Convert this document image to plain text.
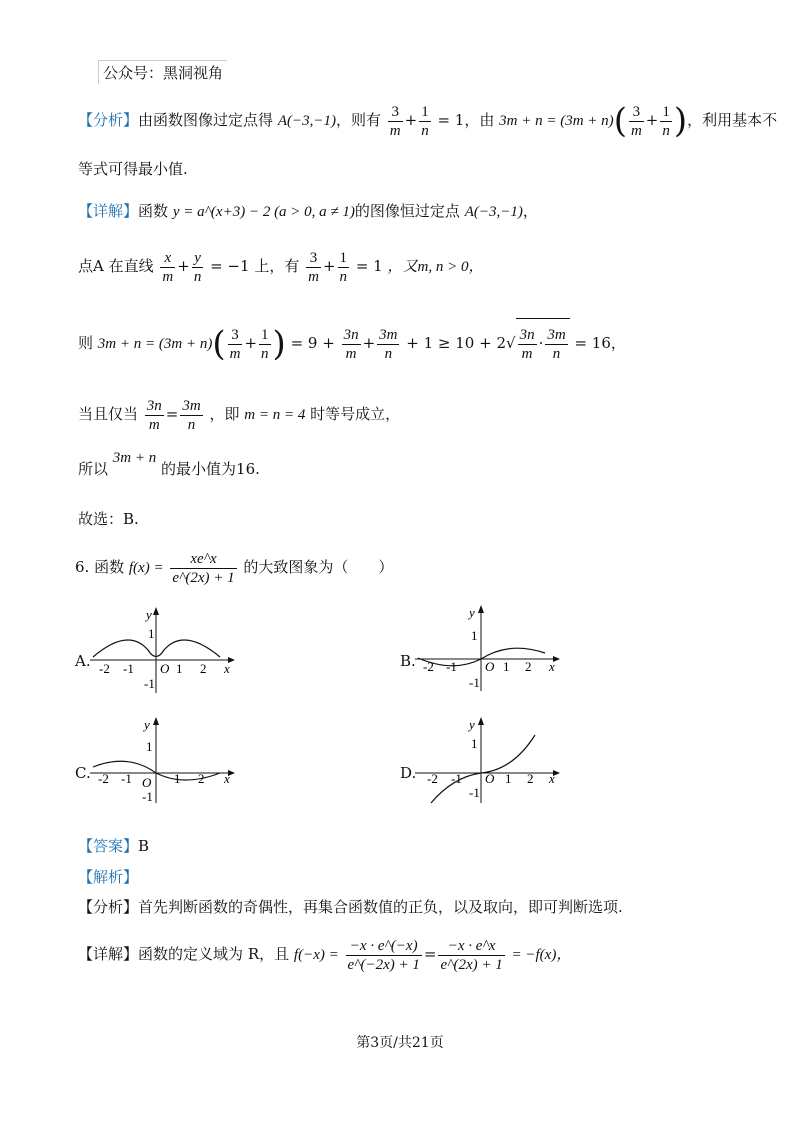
公众号：黑洞视角
【分析】由函数图像过定点得 A(−3,−1)，则有 $\frac{3}{m} + \frac{1}{n} = 1$，由 $3m + n = (3m + n)( \frac{3}{m} + \frac{1}{n}$ )，利用基本不
等式可得最小值.
【详解】函数 y = a^(x+3) − 2 (a > 0, a ≠ 1)的图像恒过定点 A(−3,−1)，
点A 在直线 $\frac{x}{m} + \frac{y}{n} = -1$ 上，有 $\frac{3}{m} + \frac{1}{n} = 1$ ，又m, n > 0，
则 $3m + n = (3m + n)( \frac{3}{m} + \frac{1}{n}$ ) = $9 + \frac{3n}{m} + \frac{3m}{n} + 1 \ge 10 + 2√ \frac{3n}{m} \cdot \frac{3m}{n} = 16$，
当且仅当 $\frac{3n}{m} = \frac{3m}{n}$ ，即 m = n = 4 时等号成立，
所以 3m + n 的最小值为16.
故选：B.
6. 函数 $f(x) = \frac{xe\^{}x}{e\^{}(2x) + 1}$ 的大致图象为（　　）
A.	B.
C.	D.
y
x
1
-1
O 1 2
-2 -1
y
x
1
-1
O 1 2
-2 -1
y
x
1
-1
O 1 2
-2 -1
y
x
1
-1
O 1 2
-2 -1
【答案】B
【解析】
【分析】首先判断函数的奇偶性，再集合函数值的正负，以及取向，即可判断选项.
【详解】函数的定义域为 R，且 $f(-x) = \frac{-x \cdot e\^{}(-x)}{e\^{}(-2x) + 1} = \frac{-x \cdot e\^{}x}{e\^{}(2x) + 1} = -f(x)$，
第3页/共21页
